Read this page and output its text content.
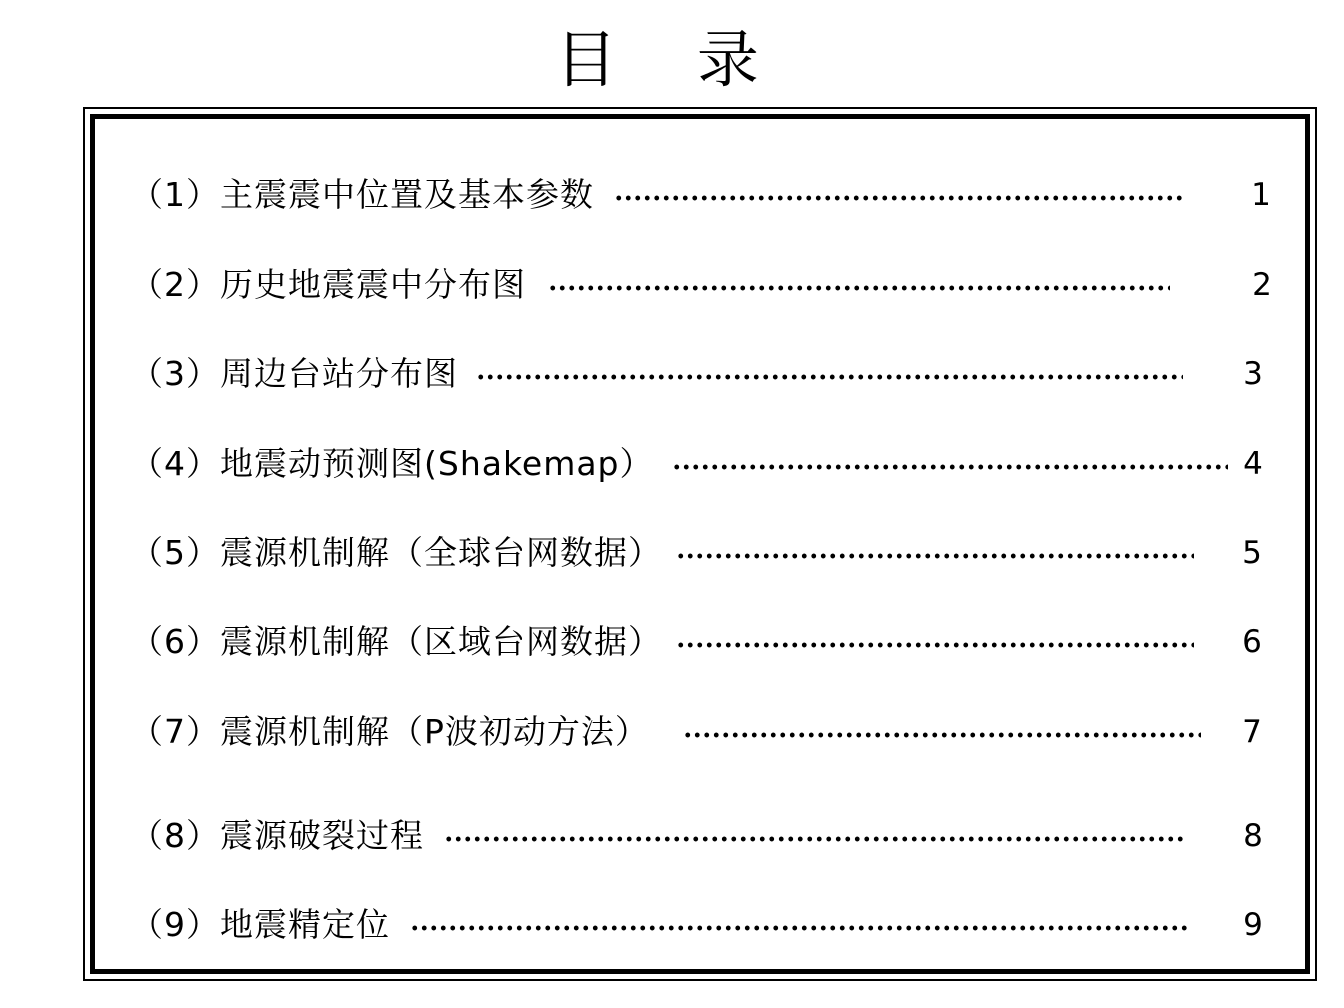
目 录
（1）主震震中位置及基本参数	1
（2）历史地震震中分布图	2
（3）周边台站分布图	3
（4）地震动预测图(Shakemap）	4
（5）震源机制解（全球台网数据）	5
（6）震源机制解（区域台网数据）	6
（7）震源机制解（P波初动方法）	7
（8）震源破裂过程	8
（9）地震精定位	9
